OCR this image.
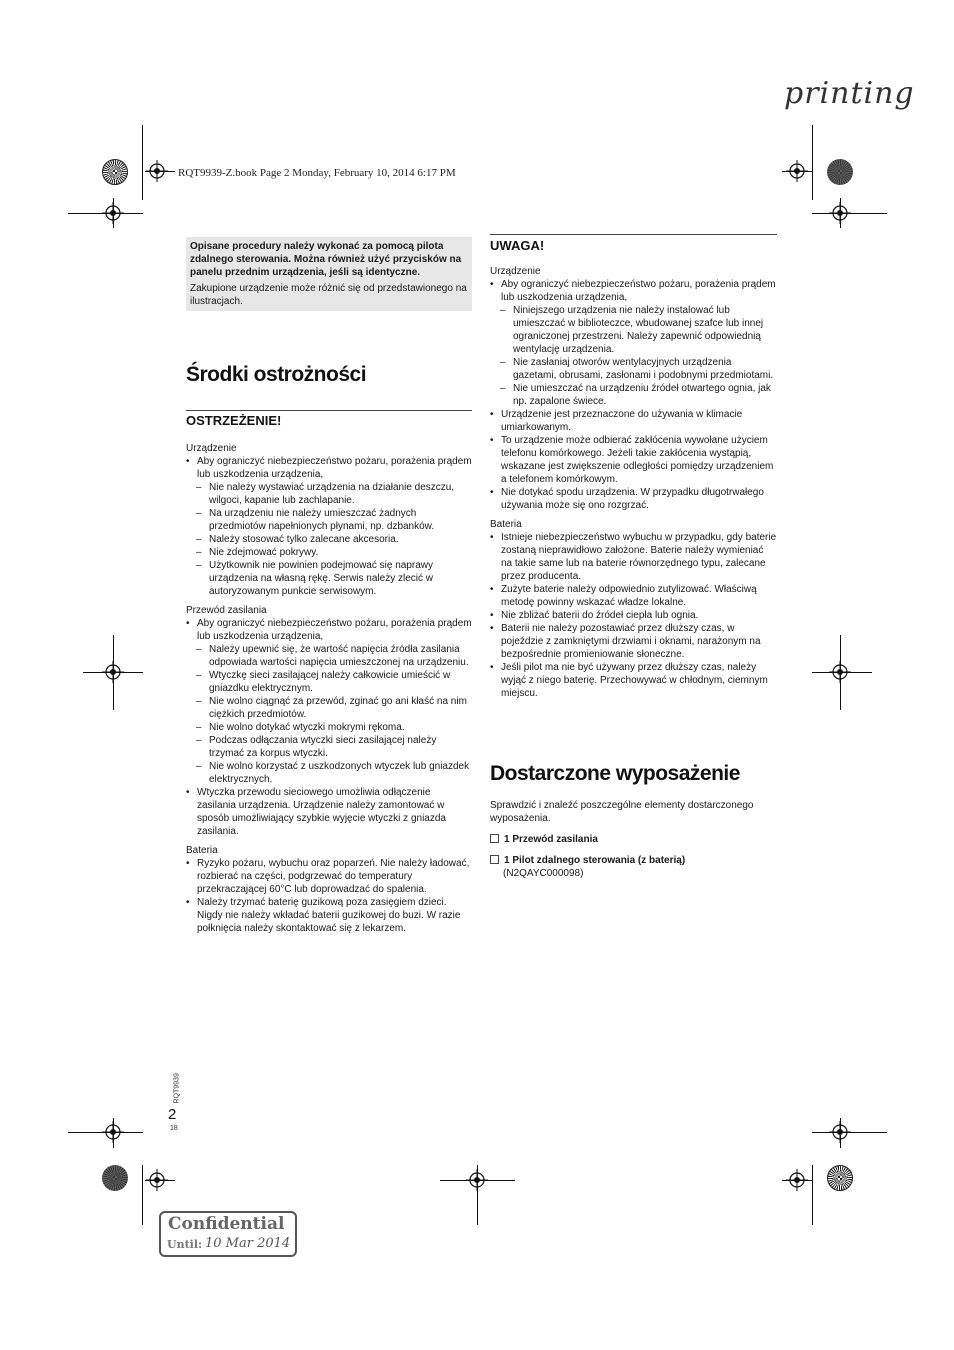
printing
RQT9939-Z.book Page 2 Monday, February 10, 2014 6:17 PM

Opisane procedury należy wykonać za pomocą pilota zdalnego sterowania. Można również użyć przycisków na panelu przednim urządzenia, jeśli są identyczne.

Zakupione urządzenie może różnić się od przedstawionego na ilustracjach.

Środki ostrożności
OSTRZEŻENIE!
Urządzenie
• Aby ograniczyć niebezpieczeństwo pożaru, porażenia prądem lub uszkodzenia urządzenia,
– Nie należy wystawiać urządzenia na działanie deszczu, wilgoci, kapanie lub zachlapanie.
– Na urządzeniu nie należy umieszczać żadnych przedmiotów napełnionych płynami, np. dzbanków.
– Należy stosować tylko zalecane akcesoria.
– Nie zdejmować pokrywy.
– Użytkownik nie powinien podejmować się naprawy urządzenia na własną rękę. Serwis należy zlecić w autoryzowanym punkcie serwisowym.
Przewód zasilania
• Aby ograniczyć niebezpieczeństwo pożaru, porażenia prądem lub uszkodzenia urządzenia,
– Należy upewnić się, że wartość napięcia źródła zasilania odpowiada wartości napięcia umieszczonej na urządzeniu.
– Wtyczkę sieci zasilającej należy całkowicie umieścić w gniazdku elektrycznym.
– Nie wolno ciągnąć za przewód, zginać go ani kłaść na nim ciężkich przedmiotów.
– Nie wolno dotykać wtyczki mokrymi rękoma.
– Podczas odłączania wtyczki sieci zasilającej należy trzymać za korpus wtyczki.
– Nie wolno korzystać z uszkodzonych wtyczek lub gniazdek elektrycznych.
• Wtyczka przewodu sieciowego umożliwia odłączenie zasilania urządzenia. Urządzenie należy zamontować w sposób umożliwiający szybkie wyjęcie wtyczki z gniazda zasilania.
Bateria
• Ryzyko pożaru, wybuchu oraz poparzeń. Nie należy ładować, rozbierać na części, podgrzewać do temperatury przekraczającej 60°C lub doprowadzać do spalenia.
• Należy trzymać baterię guzikową poza zasięgiem dzieci. Nigdy nie należy wkładać baterii guzikowej do buzi. W razie połknięcia należy skontaktować się z lekarzem.
UWAGA!
Urządzenie
• Aby ograniczyć niebezpieczeństwo pożaru, porażenia prądem lub uszkodzenia urządzenia,
– Niniejszego urządzenia nie należy instalować lub umieszczać w biblioteczce, wbudowanej szafce lub innej ograniczonej przestrzeni. Należy zapewnić odpowiednią wentylację urządzenia.
– Nie zasłaniaj otworów wentylacyjnych urządzenia gazetami, obrusami, zasłonami i podobnymi przedmiotami.
– Nie umieszczać na urządzeniu źródeł otwartego ognia, jak np. zapalone świece.
• Urządzenie jest przeznaczone do używania w klimacie umiarkowanym.
• To urządzenie może odbierać zakłócenia wywołane użyciem telefonu komórkowego. Jeżeli takie zakłócenia wystąpią, wskazane jest zwiększenie odległości pomiędzy urządzeniem a telefonem komórkowym.
• Nie dotykać spodu urządzenia. W przypadku długotrwałego używania może się ono rozgrzać.
Bateria
• Istnieje niebezpieczeństwo wybuchu w przypadku, gdy baterie zostaną nieprawidłowo założone. Baterie należy wymieniać na takie same lub na baterie równorzędnego typu, zalecane przez producenta.
• Zużyte baterie należy odpowiednio zutylizować. Właściwą metodę powinny wskazać władze lokalne.
• Nie zbliżać baterii do źródeł ciepła lub ognia.
• Baterii nie należy pozostawiać przez dłuższy czas, w pojeździe z zamkniętymi drzwiami i oknami, narażonym na bezpośrednie promieniowanie słoneczne.
• Jeśli pilot ma nie być używany przez dłuższy czas, należy wyjąć z niego baterię. Przechowywać w chłodnym, ciemnym miejscu.
Dostarczone wyposażenie
Sprawdzić i znaleźć poszczególne elementy dostarczonego wyposażenia.
1 Przewód zasilania
1 Pilot zdalnego sterowania (z baterią)
(N2QAYC000098)
RQT9939
2
18
Confidential
Until: 10 Mar 2014
